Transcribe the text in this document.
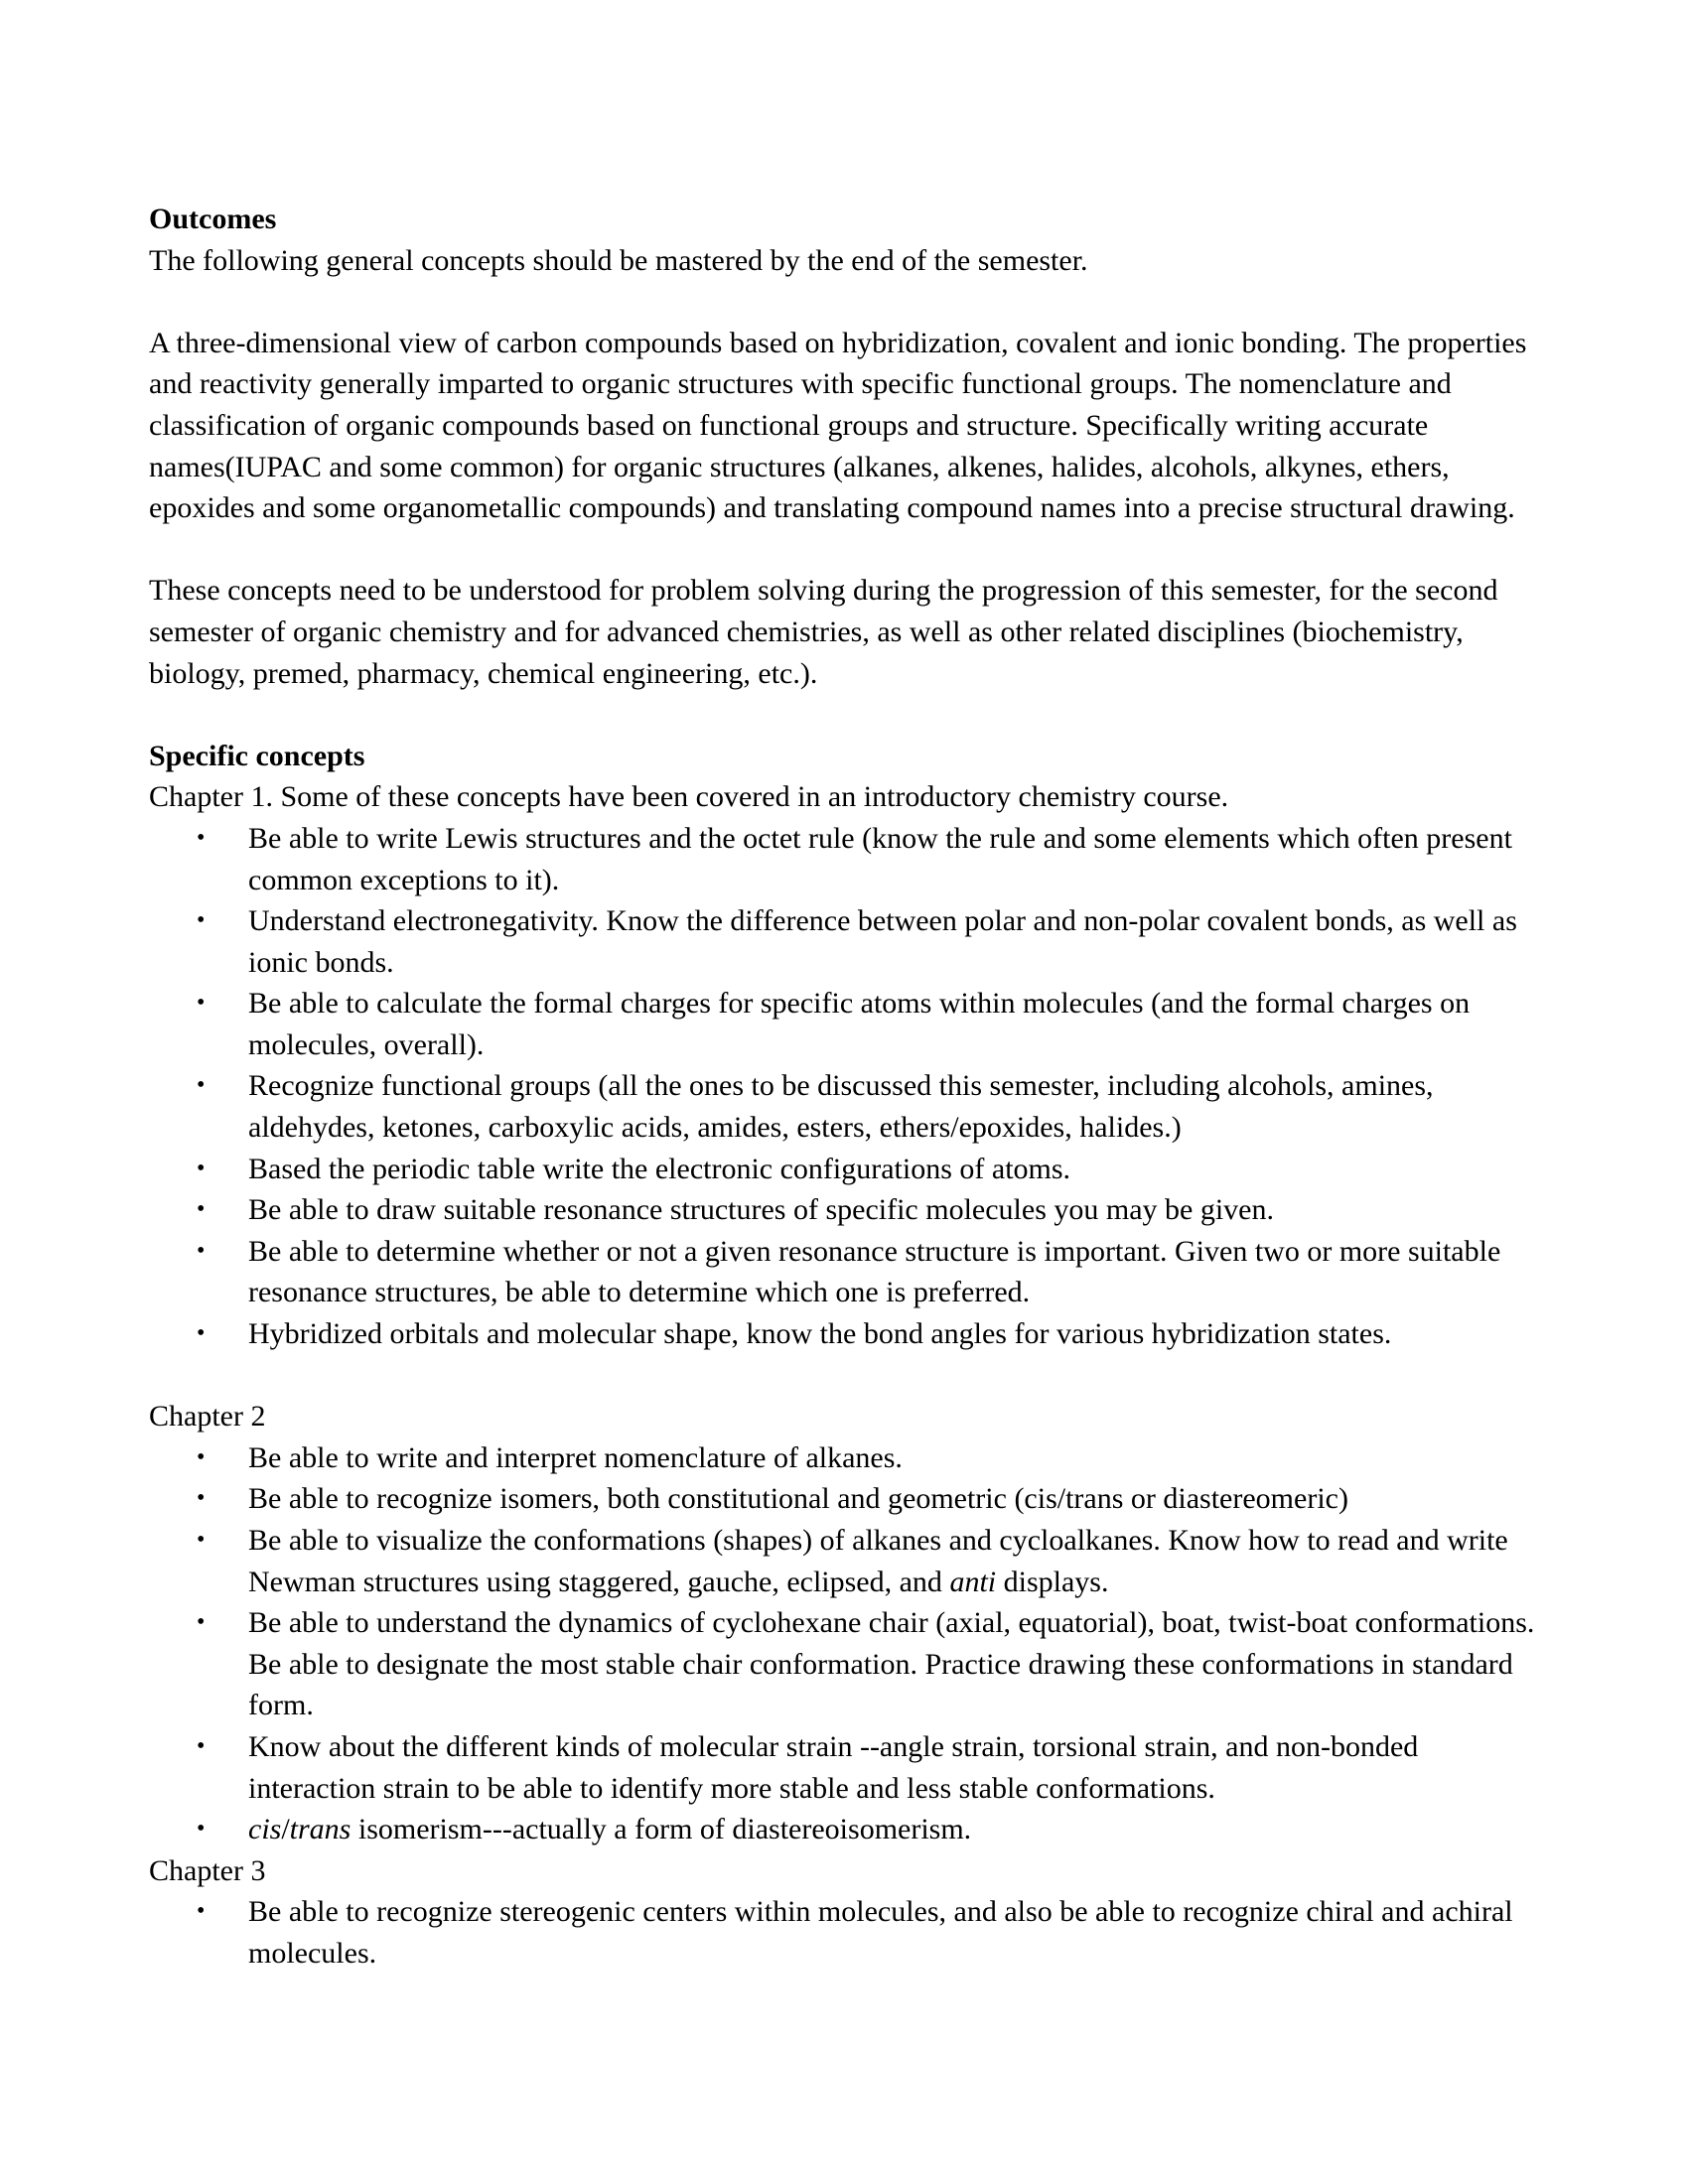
Outcomes

The following general concepts should be mastered by the end of the semester.

A three-dimensional view of carbon compounds based on hybridization, covalent and ionic bonding. The properties and reactivity generally imparted to organic structures with specific functional groups. The nomenclature and classification of organic compounds based on functional groups and structure. Specifically writing accurate names(IUPAC and some common) for organic structures (alkanes, alkenes, halides, alcohols, alkynes, ethers, epoxides and some organometallic compounds) and translating compound names into a precise structural drawing.

These concepts need to be understood for problem solving during the progression of this semester, for the second semester of organic chemistry and for advanced chemistries, as well as other related disciplines (biochemistry, biology, premed, pharmacy, chemical engineering, etc.).

Specific concepts

Chapter 1. Some of these concepts have been covered in an introductory chemistry course.

• Be able to write Lewis structures and the octet rule (know the rule and some elements which often present common exceptions to it).
• Understand electronegativity. Know the difference between polar and non-polar covalent bonds, as well as ionic bonds.
• Be able to calculate the formal charges for specific atoms within molecules (and the formal charges on molecules, overall).
• Recognize functional groups (all the ones to be discussed this semester, including alcohols, amines, aldehydes, ketones, carboxylic acids, amides, esters, ethers/epoxides, halides.)
• Based the periodic table write the electronic configurations of atoms.
• Be able to draw suitable resonance structures of specific molecules you may be given.
• Be able to determine whether or not a given resonance structure is important. Given two or more suitable resonance structures, be able to determine which one is preferred.
• Hybridized orbitals and molecular shape, know the bond angles for various hybridization states.

Chapter 2

• Be able to write and interpret nomenclature of alkanes.
• Be able to recognize isomers, both constitutional and geometric (cis/trans or diastereomeric)
• Be able to visualize the conformations (shapes) of alkanes and cycloalkanes. Know how to read and write Newman structures using staggered, gauche, eclipsed, and anti displays.
• Be able to understand the dynamics of cyclohexane chair (axial, equatorial), boat, twist-boat conformations. Be able to designate the most stable chair conformation. Practice drawing these conformations in standard form.
• Know about the different kinds of molecular strain --angle strain, torsional strain, and non-bonded interaction strain to be able to identify more stable and less stable conformations.
• cis/trans isomerism---actually a form of diastereoisomerism.

Chapter 3

• Be able to recognize stereogenic centers within molecules, and also be able to recognize chiral and achiral molecules.
